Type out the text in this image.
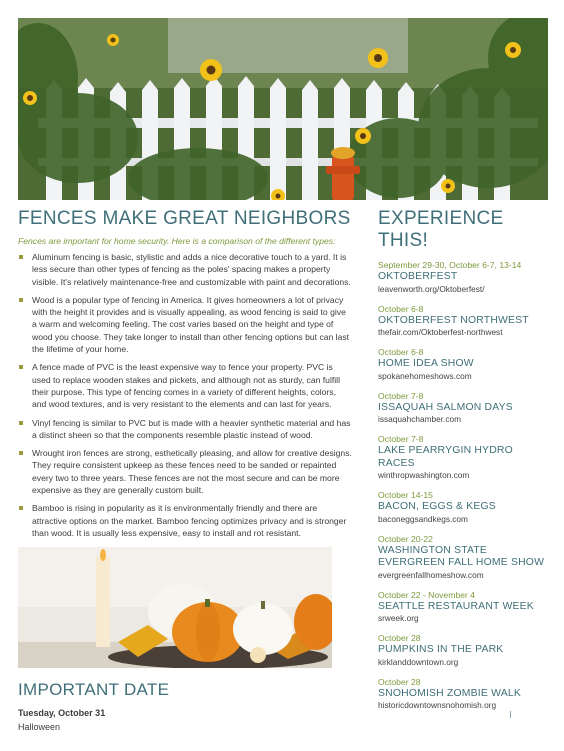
FENCES MAKE GREAT NEIGHBORS
Fences are important for home security. Here is a comparison of the different types:
Aluminum fencing is basic, stylistic and adds a nice decorative touch to a yard. It is less secure than other types of fencing as the poles' spacing makes a property visible. It's relatively maintenance-free and customizable with paint and decorations.
Wood is a popular type of fencing in America. It gives homeowners a lot of privacy with the height it provides and is visually appealing, as wood fencing is said to give a warm and welcoming feeling. The cost varies based on the height and type of wood you choose. They take longer to install than other fencing options but can last the lifetime of your home.
A fence made of PVC is the least expensive way to fence your property. PVC is used to replace wooden stakes and pickets, and although not as sturdy, can fulfill their purpose. This type of fencing comes in a variety of different heights, colors, and wood textures, and is very resistant to the elements and can last for years.
Vinyl fencing is similar to PVC but is made with a heavier synthetic material and has a distinct sheen so that the components resemble plastic instead of wood.
Wrought iron fences are strong, esthetically pleasing, and allow for creative designs. They require consistent upkeep as these fences need to be sanded or repainted every two to three years. These fences are not the most secure and can be more expensive as they are generally custom built.
Bamboo is rising in popularity as it is environmentally friendly and there are attractive options on the market. Bamboo fencing optimizes privacy and is stronger than wood. It is usually less expensive, easy to install and rot resistant.
IMPORTANT DATE
Tuesday, October 31
Halloween
EXPERIENCE THIS!
September 29-30, October 6-7, 13-14
OKTOBERFEST
leavenworth.org/Oktoberfest/
October 6-8
OKTOBERFEST NORTHWEST
thefair.com/Oktoberfest-northwest
October 6-8
HOME IDEA SHOW
spokanehomeshows.com
October 7-8
ISSAQUAH SALMON DAYS
issaquahchamber.com
October 7-8
LAKE PEARRYGIN HYDRO RACES
winthropwashington.com
October 14-15
BACON, EGGS & KEGS
baconeggsandkegs.com
October 20-22
WASHINGTON STATE EVERGREEN FALL HOME SHOW
evergreenfallhomeshow.com
October 22 - November 4
SEATTLE RESTAURANT WEEK
srweek.org
October 28
PUMPKINS IN THE PARK
kirklanddowntown.org
October 28
SNOHOMISH ZOMBIE WALK
historicdowntownsnohomish.org
